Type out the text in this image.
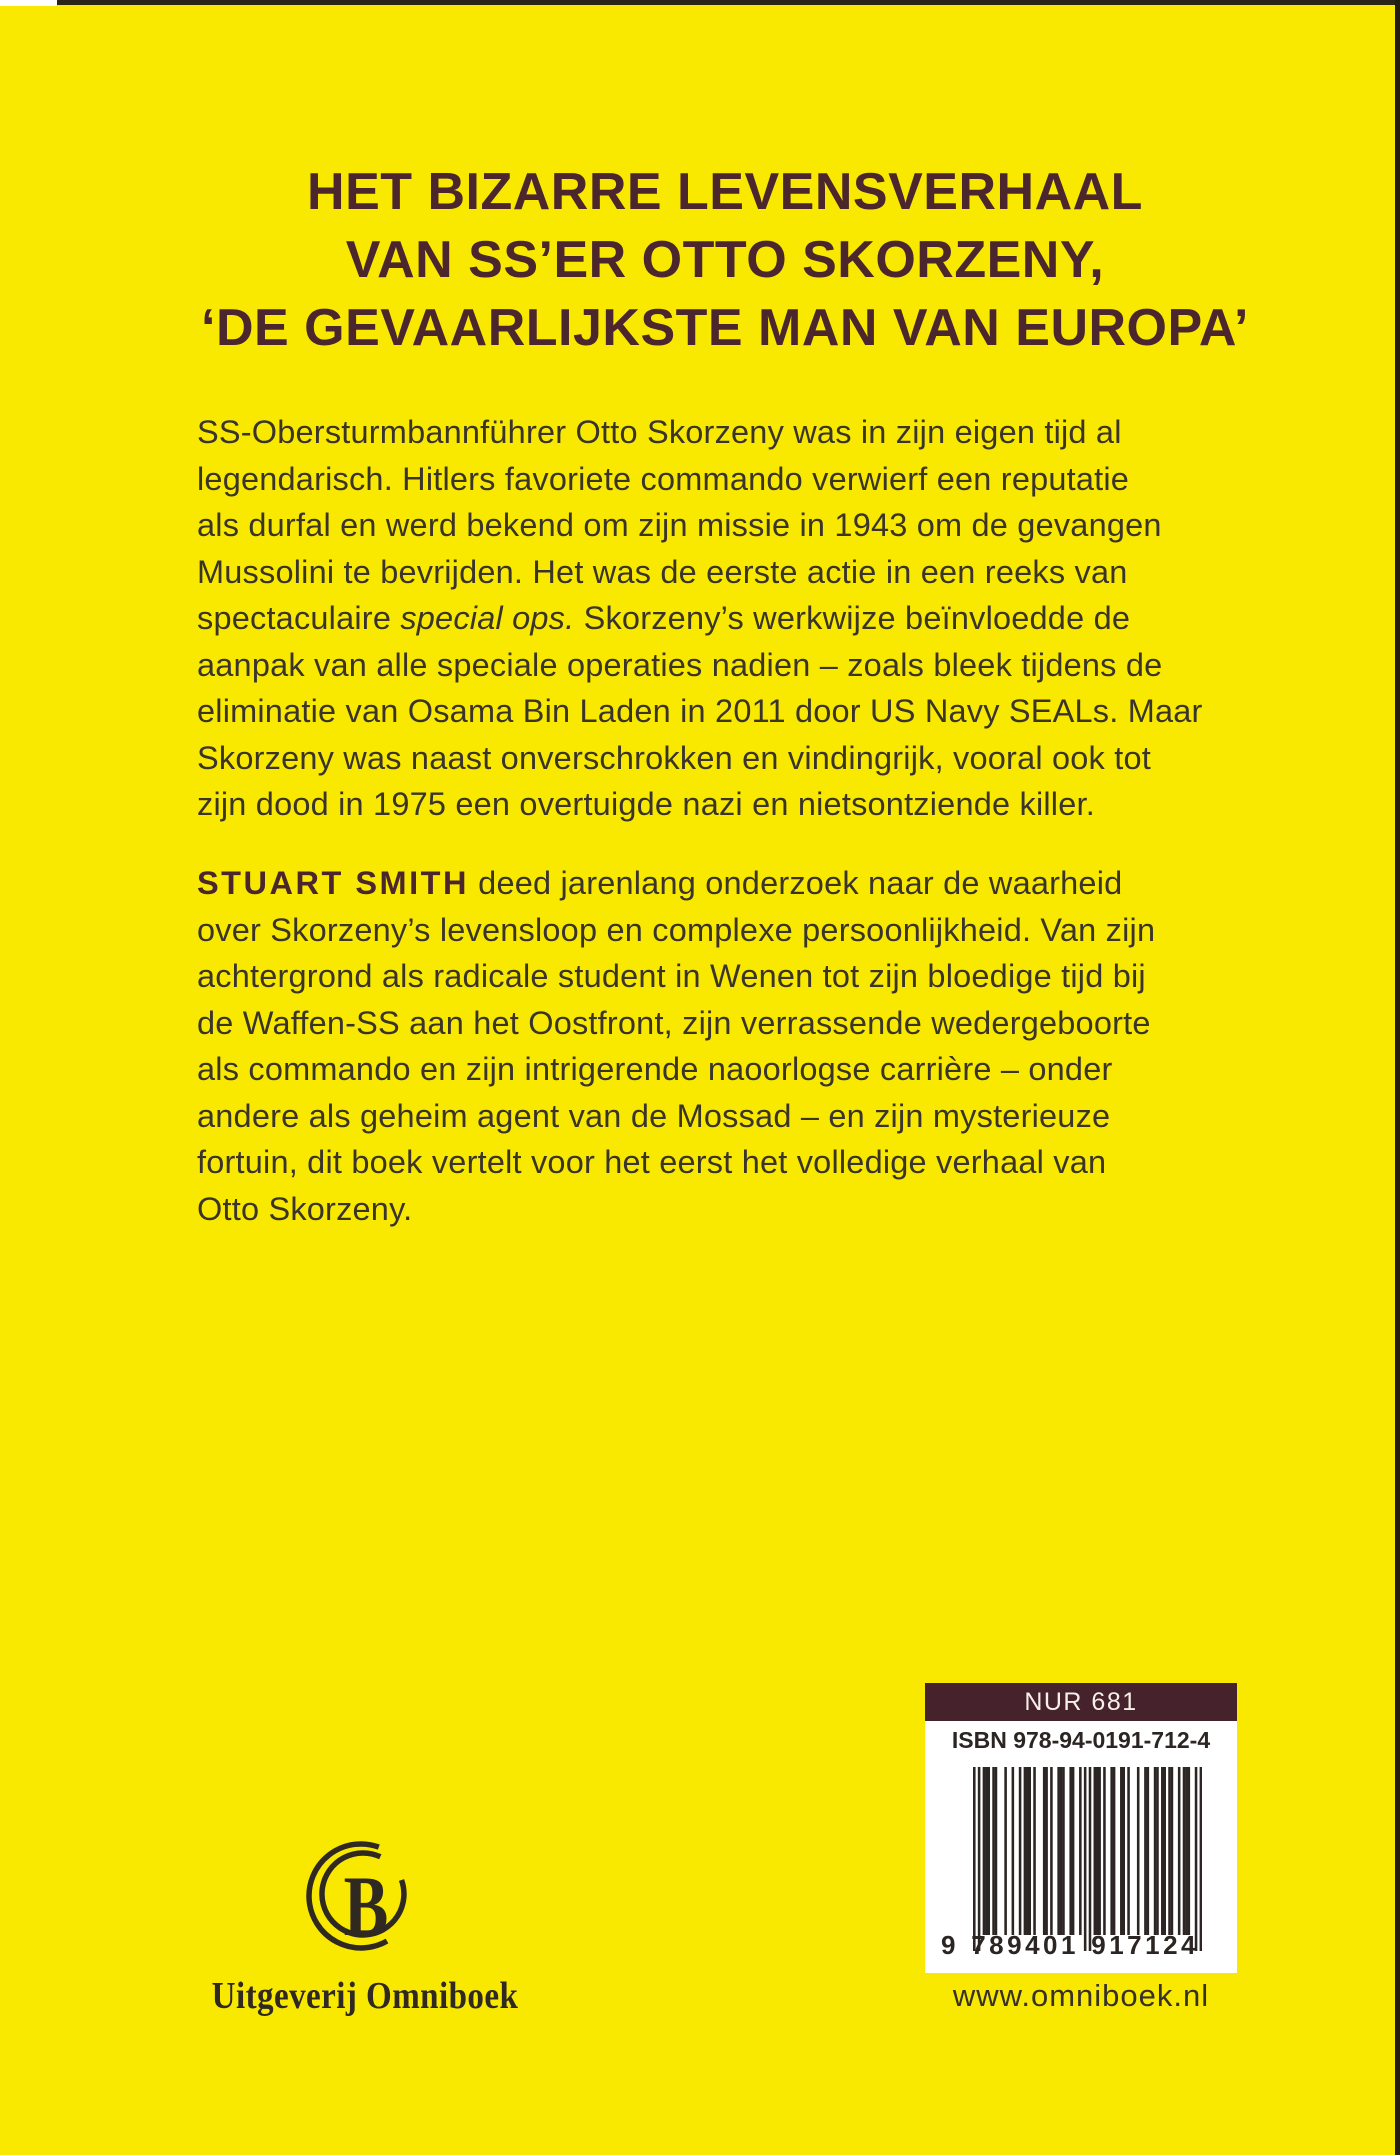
HET BIZARRE LEVENSVERHAAL
VAN SS’ER OTTO SKORZENY,
‘DE GEVAARLIJKSTE MAN VAN EUROPA’
SS-Obersturmbannführer Otto Skorzeny was in zijn eigen tijd al
legendarisch. Hitlers favoriete commando verwierf een reputatie
als durfal en werd bekend om zijn missie in 1943 om de gevangen
Mussolini te bevrijden. Het was de eerste actie in een reeks van
spectaculaire special ops. Skorzeny’s werkwijze beïnvloedde de
aanpak van alle speciale operaties nadien – zoals bleek tijdens de
eliminatie van Osama Bin Laden in 2011 door US Navy SEALs. Maar
Skorzeny was naast onverschrokken en vindingrijk, vooral ook tot
zijn dood in 1975 een overtuigde nazi en nietsontziende killer.
STUART SMITH deed jarenlang onderzoek naar de waarheid
over Skorzeny’s levensloop en complexe persoonlijkheid. Van zijn
achtergrond als radicale student in Wenen tot zijn bloedige tijd bij
de Waffen-SS aan het Oostfront, zijn verrassende wedergeboorte
als commando en zijn intrigerende naoorlogse carrière – onder
andere als geheim agent van de Mossad – en zijn mysterieuze
fortuin, dit boek vertelt voor het eerst het volledige verhaal van
Otto Skorzeny.
B
Uitgeverij Omniboek
NUR 681
ISBN 978-94-0191-712-4
9 789401 917124
www.omniboek.nl
